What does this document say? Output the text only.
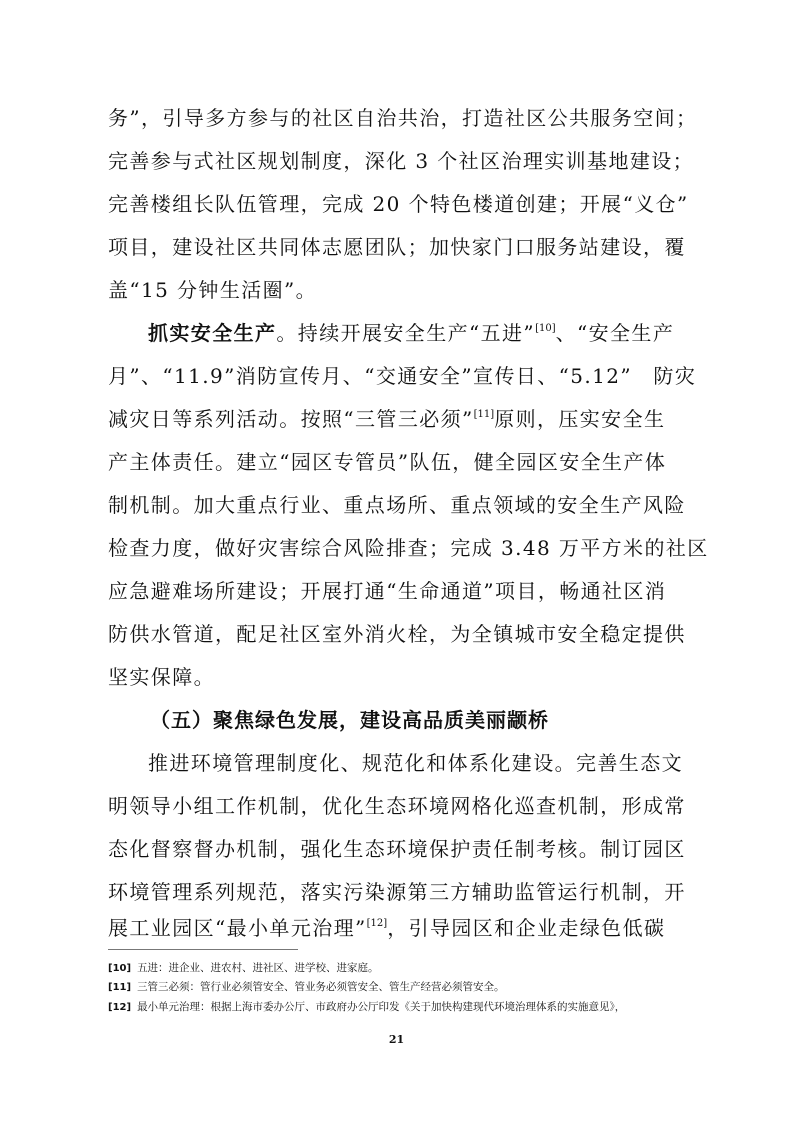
务”，引导多方参与的社区自治共治，打造社区公共服务空间；
完善参与式社区规划制度，深化 3 个社区治理实训基地建设；
完善楼组长队伍管理，完成 20 个特色楼道创建；开展“义仓”
项目，建设社区共同体志愿团队；加快家门口服务站建设，覆
盖“15 分钟生活圈”。
抓实安全生产。持续开展安全生产“五进”[10]、“安全生产
月”、“11.9”消防宣传月、“交通安全”宣传日、“5.12”　防灾
减灾日等系列活动。按照“三管三必须”[11]原则，压实安全生
产主体责任。建立“园区专管员”队伍，健全园区安全生产体
制机制。加大重点行业、重点场所、重点领域的安全生产风险
检查力度，做好灾害综合风险排查；完成 3.48 万平方米的社区
应急避难场所建设；开展打通“生命通道”项目，畅通社区消
防供水管道，配足社区室外消火栓，为全镇城市安全稳定提供
坚实保障。
（五）聚焦绿色发展，建设高品质美丽颛桥
推进环境管理制度化、规范化和体系化建设。完善生态文
明领导小组工作机制，优化生态环境网格化巡查机制，形成常
态化督察督办机制，强化生态环境保护责任制考核。制订园区
环境管理系列规范，落实污染源第三方辅助监管运行机制，开
展工业园区“最小单元治理”[12]，引导园区和企业走绿色低碳
[10] 五进：进企业、进农村、进社区、进学校、进家庭。
[11] 三管三必须：管行业必须管安全、管业务必须管安全、管生产经营必须管安全。
[12] 最小单元治理：根据上海市委办公厅、市政府办公厅印发《关于加快构建现代环境治理体系的实施意见》，
21
